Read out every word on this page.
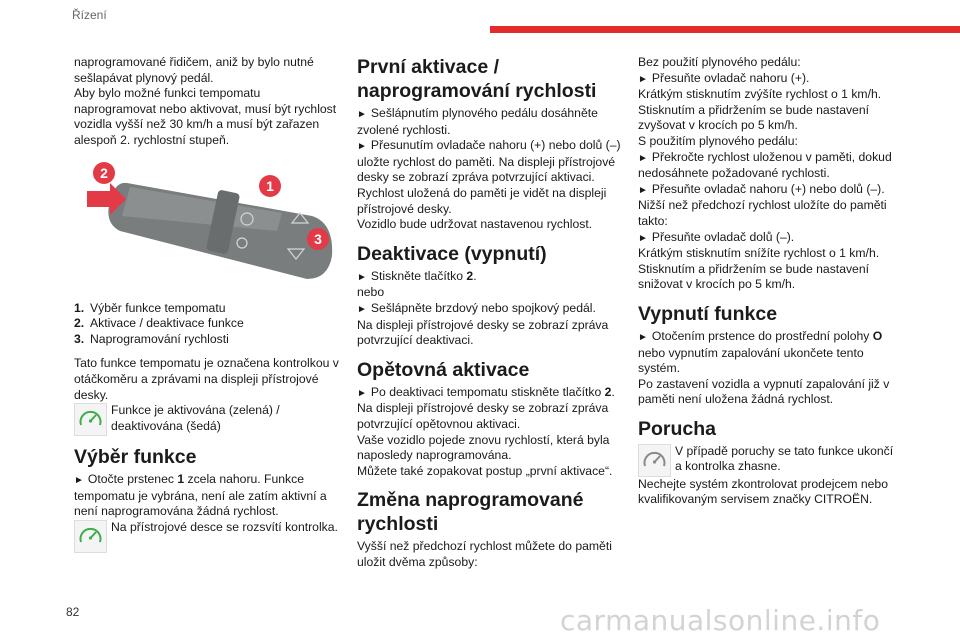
Řízení

naprogramované řidičem, aniž by bylo nutné sešlapávat plynový pedál.

Aby bylo možné funkci tempomatu naprogramovat nebo aktivovat, musí být rychlost vozidla vyšší než 30 km/h a musí být zařazen alespoň 2. rychlostní stupeň.

2
1
3
1. Výběr funkce tempomatu
2. Aktivace / deaktivace funkce
3. Naprogramování rychlosti

Tato funkce tempomatu je označena kontrolkou v otáčkoměru a zprávami na displeji přístrojové desky.

Funkce je aktivována (zelená) / deaktivována (šedá)
Výběr funkce

► Otočte prstenec 1 zcela nahoru. Funkce tempomatu je vybrána, není ale zatím aktivní a není naprogramována žádná rychlost.

Na přístrojové desce se rozsvítí kontrolka.
První aktivace / naprogramování rychlosti

► Sešlápnutím plynového pedálu dosáhněte zvolené rychlosti.

► Přesunutím ovladače nahoru (+) nebo dolů (–) uložte rychlost do paměti. Na displeji přístrojové desky se zobrazí zpráva potvrzující aktivaci.

Rychlost uložená do paměti je vidět na displeji přístrojové desky.

Vozidlo bude udržovat nastavenou rychlost.

Deaktivace (vypnutí)

► Stiskněte tlačítko 2.

nebo

► Sešlápněte brzdový nebo spojkový pedál.

Na displeji přístrojové desky se zobrazí zpráva potvrzující deaktivaci.

Opětovná aktivace

► Po deaktivaci tempomatu stiskněte tlačítko 2.

Na displeji přístrojové desky se zobrazí zpráva potvrzující opětovnou aktivaci.

Vaše vozidlo pojede znovu rychlostí, která byla naposledy naprogramována.

Můžete také zopakovat postup „první aktivace“.

Změna naprogramované rychlosti

Vyšší než předchozí rychlost můžete do paměti uložit dvěma způsoby:

Bez použití plynového pedálu:

► Přesuňte ovladač nahoru (+).

Krátkým stisknutím zvýšíte rychlost o 1 km/h.

Stisknutím a přidržením se bude nastavení zvyšovat v krocích po 5 km/h.

S použitím plynového pedálu:

► Překročte rychlost uloženou v paměti, dokud nedosáhnete požadované rychlosti.

► Přesuňte ovladač nahoru (+) nebo dolů (–).

Nižší než předchozí rychlost uložíte do paměti takto:

► Přesuňte ovladač dolů (–).

Krátkým stisknutím snížíte rychlost o 1 km/h.

Stisknutím a přidržením se bude nastavení snižovat v krocích po 5 km/h.

Vypnutí funkce

► Otočením prstence do prostřední polohy O nebo vypnutím zapalování ukončete tento systém.

Po zastavení vozidla a vypnutí zapalování již v paměti není uložena žádná rychlost.

Porucha
V případě poruchy se tato funkce ukončí a kontrolka zhasne.

Nechejte systém zkontrolovat prodejcem nebo kvalifikovaným servisem značky CITROËN.

82	carmanualsonline.info
